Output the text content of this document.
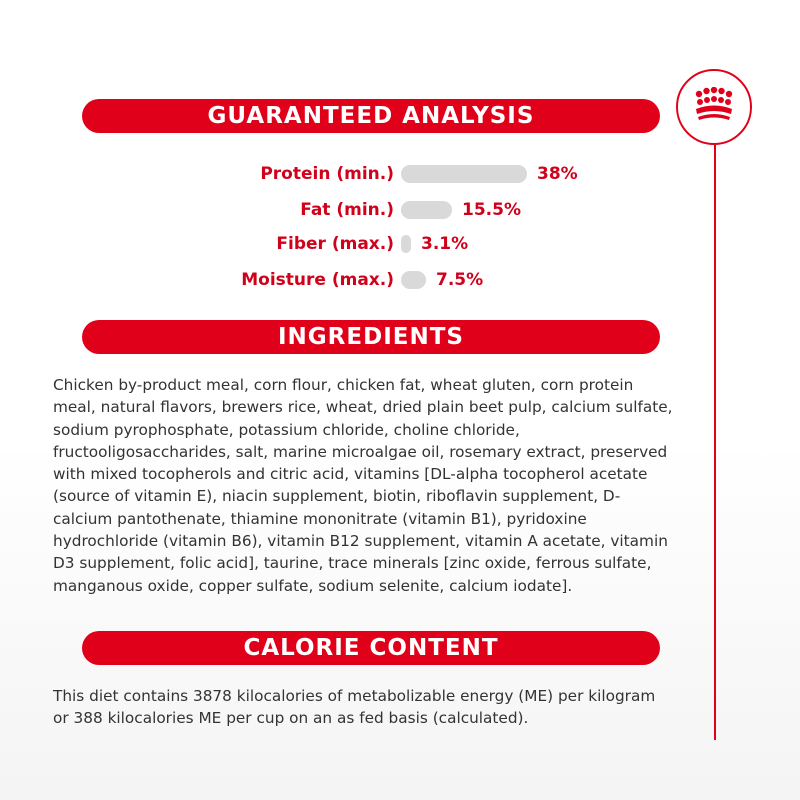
GUARANTEED ANALYSIS
Protein (min.)	38%
Fat (min.)	15.5%
Fiber (max.) 3.1%
Moisture (max.) 7.5%
INGREDIENTS

Chicken by-product meal, corn flour, chicken fat, wheat gluten, corn protein meal, natural flavors, brewers rice, wheat, dried plain beet pulp, calcium sulfate, sodium pyrophosphate, potassium chloride, choline chloride, fructooligosaccharides, salt, marine microalgae oil, rosemary extract, preserved with mixed tocopherols and citric acid, vitamins [DL-alpha tocopherol acetate (source of vitamin E), niacin supplement, biotin, riboflavin supplement, D-calcium pantothenate, thiamine mononitrate (vitamin B1), pyridoxine hydrochloride (vitamin B6), vitamin B12 supplement, vitamin A acetate, vitamin D3 supplement, folic acid], taurine, trace minerals [zinc oxide, ferrous sulfate, manganous oxide, copper sulfate, sodium selenite, calcium iodate].

CALORIE CONTENT

This diet contains 3878 kilocalories of metabolizable energy (ME) per kilogram or 388 kilocalories ME per cup on an as fed basis (calculated).
